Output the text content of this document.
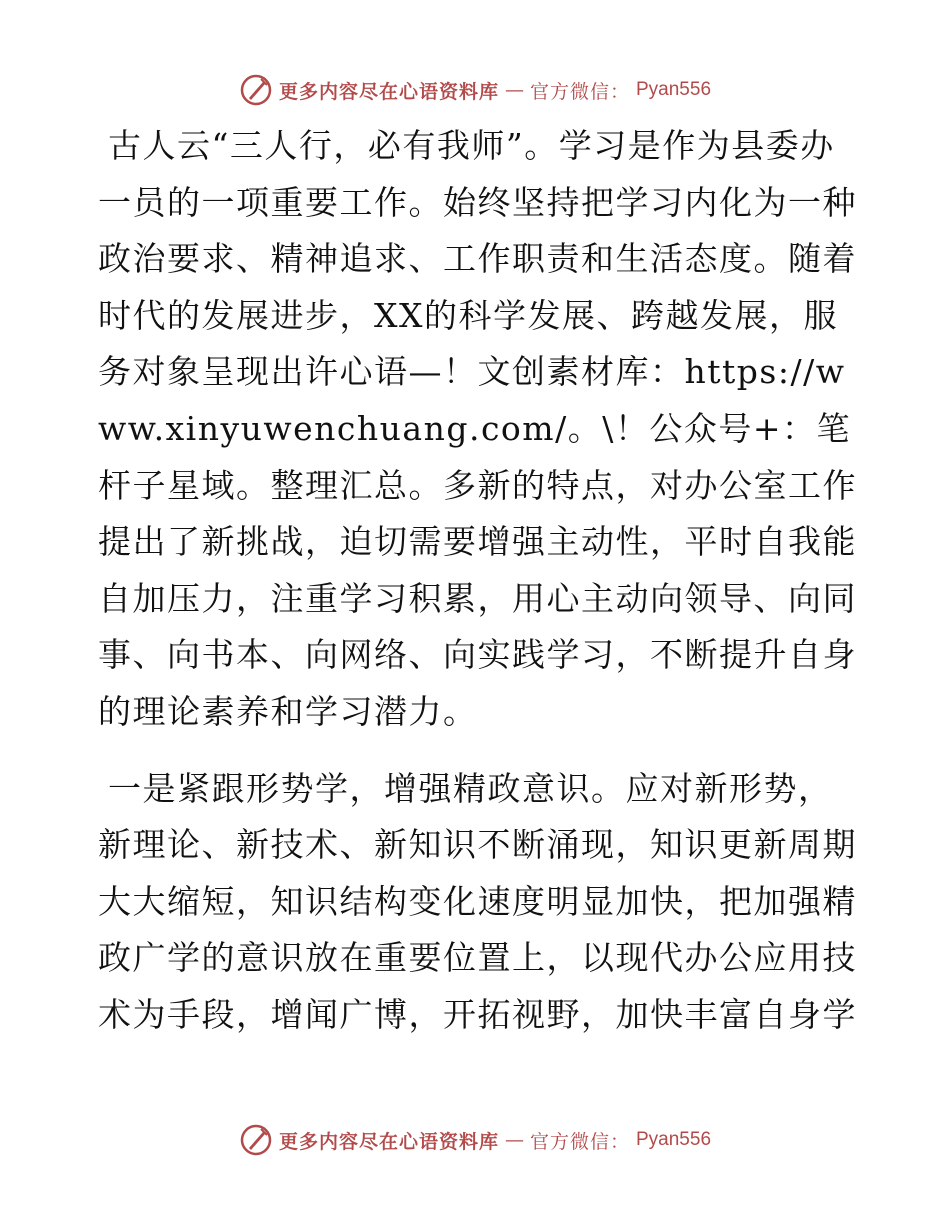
更多内容尽在心语资料库 — 官方微信： Pyan556

古人云“三人行，必有我师”。学习是作为县委办一员的一项重要工作。始终坚持把学习内化为一种政治要求、精神追求、工作职责和生活态度。随着时代的发展进步，XX的科学发展、跨越发展，服务对象呈现出许心语—！文创素材库：https://www.xinyuwenchuang.com/。\！公众号+：笔杆子星域。整理汇总。多新的特点，对办公室工作提出了新挑战，迫切需要增强主动性，平时自我能自加压力，注重学习积累，用心主动向领导、向同事、向书本、向网络、向实践学习，不断提升自身的理论素养和学习潜力。

一是紧跟形势学，增强精政意识。应对新形势，新理论、新技术、新知识不断涌现，知识更新周期大大缩短，知识结构变化速度明显加快，把加强精政广学的意识放在重要位置上，以现代办公应用技术为手段，增闻广博，开拓视野，加快丰富自身学

更多内容尽在心语资料库 — 官方微信： Pyan556
